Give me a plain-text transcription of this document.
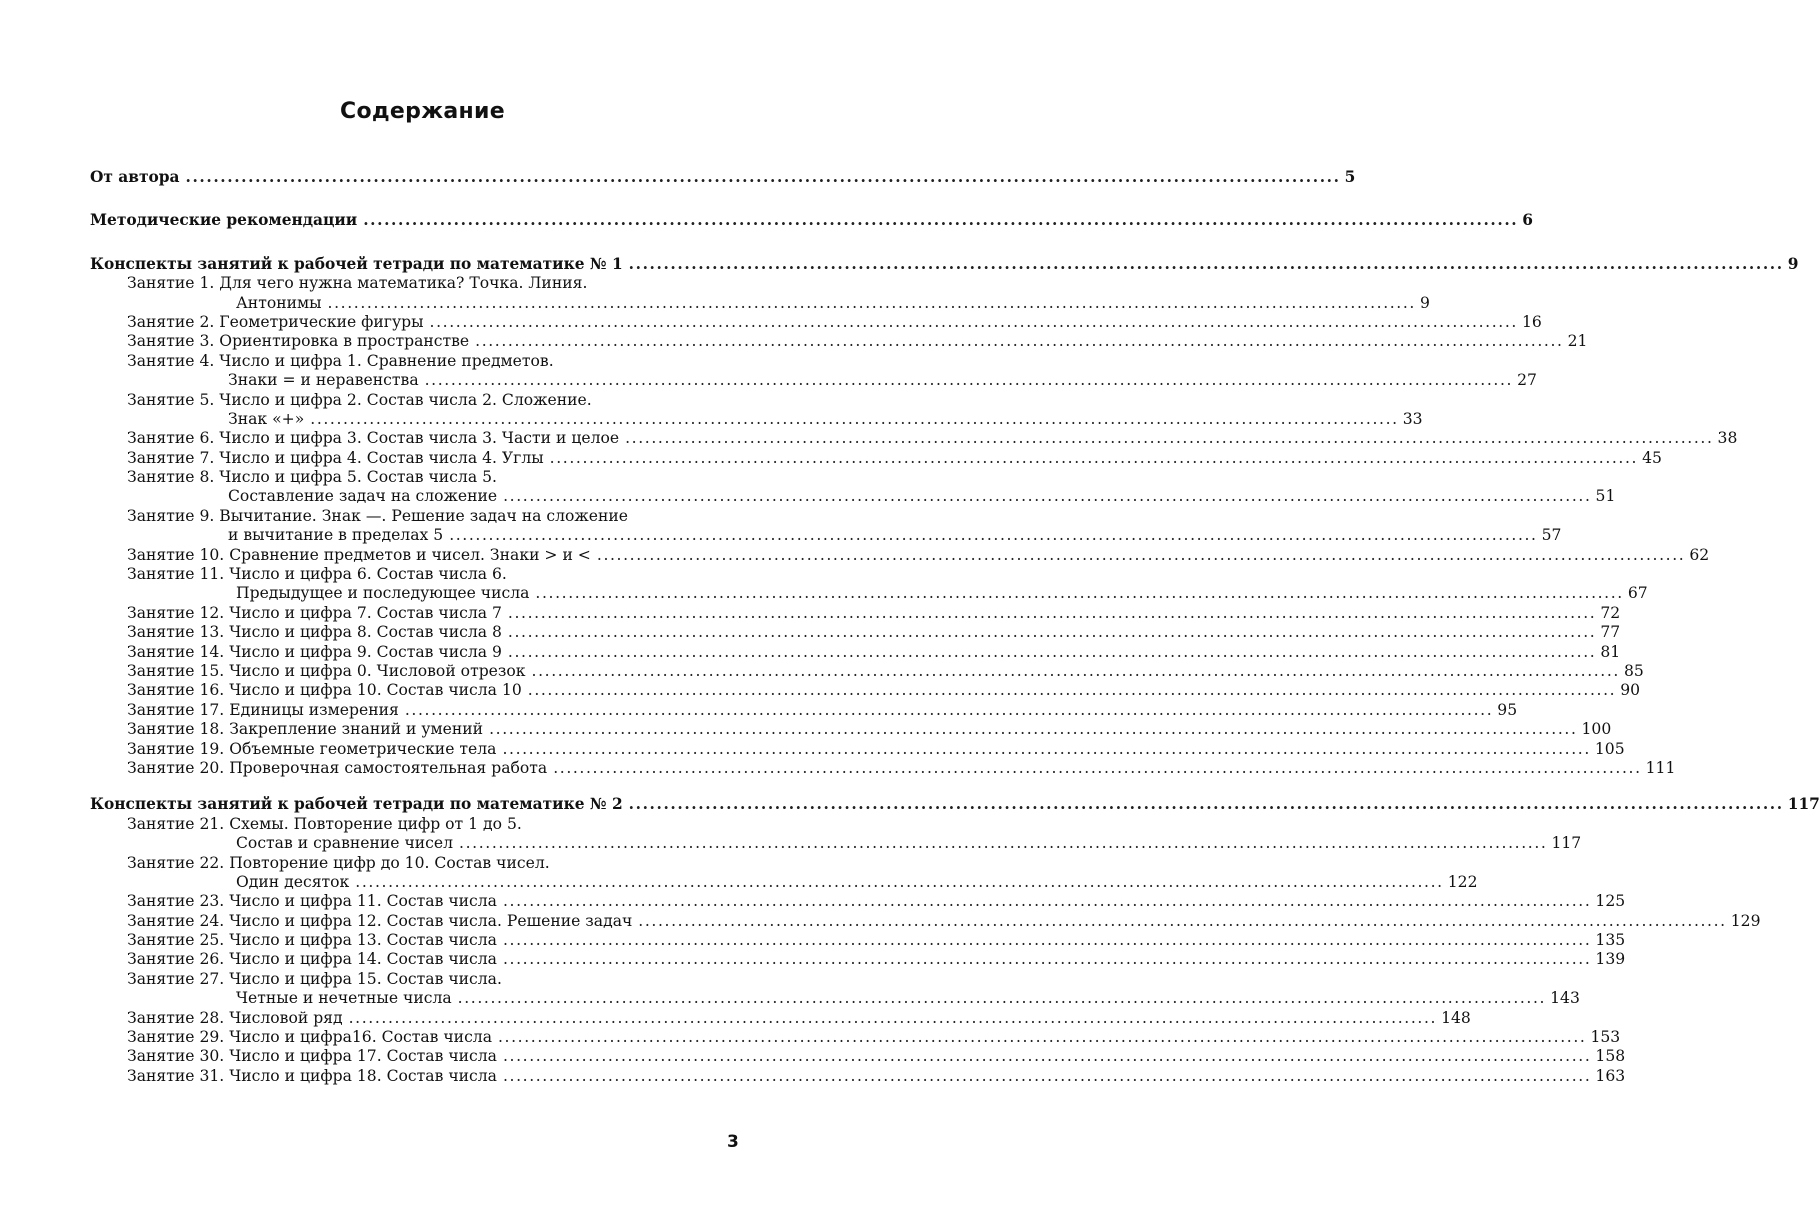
Содержание
От автора ...................................................................................................................................................................... 5
Методические рекомендации ...................................................................................................................................................................... 6
Конспекты занятий к рабочей тетради по математике № 1 ...................................................................................................................................................................... 9
Занятие 1. Для чего нужна математика? Точка. Линия.
Антонимы ...................................................................................................................................................................... 9
Занятие 2. Геометрические фигуры ...................................................................................................................................................................... 16
Занятие 3. Ориентировка в пространстве ...................................................................................................................................................................... 21
Занятие 4. Число и цифра 1. Сравнение предметов.
Знаки = и неравенства ...................................................................................................................................................................... 27
Занятие 5. Число и цифра 2. Состав числа 2. Сложение.
Знак «+» ...................................................................................................................................................................... 33
Занятие 6. Число и цифра 3. Состав числа 3. Части и целое ...................................................................................................................................................................... 38
Занятие 7. Число и цифра 4. Состав числа 4. Углы ...................................................................................................................................................................... 45
Занятие 8. Число и цифра 5. Состав числа 5.
Составление задач на сложение ...................................................................................................................................................................... 51
Занятие 9. Вычитание. Знак —. Решение задач на сложение
и вычитание в пределах 5 ...................................................................................................................................................................... 57
Занятие 10. Сравнение предметов и чисел. Знаки > и < ...................................................................................................................................................................... 62
Занятие 11. Число и цифра 6. Состав числа 6.
Предыдущее и последующее числа ...................................................................................................................................................................... 67
Занятие 12. Число и цифра 7. Состав числа 7 ...................................................................................................................................................................... 72
Занятие 13. Число и цифра 8. Состав числа 8 ...................................................................................................................................................................... 77
Занятие 14. Число и цифра 9. Состав числа 9 ...................................................................................................................................................................... 81
Занятие 15. Число и цифра 0. Числовой отрезок ...................................................................................................................................................................... 85
Занятие 16. Число и цифра 10. Состав числа 10 ...................................................................................................................................................................... 90
Занятие 17. Единицы измерения ...................................................................................................................................................................... 95
Занятие 18. Закрепление знаний и умений ...................................................................................................................................................................... 100
Занятие 19. Объемные геометрические тела ...................................................................................................................................................................... 105
Занятие 20. Проверочная самостоятельная работа ...................................................................................................................................................................... 111
Конспекты занятий к рабочей тетради по математике № 2 ...................................................................................................................................................................... 117
Занятие 21. Схемы. Повторение цифр от 1 до 5.
Состав и сравнение чисел ...................................................................................................................................................................... 117
Занятие 22. Повторение цифр до 10. Состав чисел.
Один десяток ...................................................................................................................................................................... 122
Занятие 23. Число и цифра 11. Состав числа ...................................................................................................................................................................... 125
Занятие 24. Число и цифра 12. Состав числа. Решение задач ...................................................................................................................................................................... 129
Занятие 25. Число и цифра 13. Состав числа ...................................................................................................................................................................... 135
Занятие 26. Число и цифра 14. Состав числа ...................................................................................................................................................................... 139
Занятие 27. Число и цифра 15. Состав числа.
Четные и нечетные числа ...................................................................................................................................................................... 143
Занятие 28. Числовой ряд ...................................................................................................................................................................... 148
Занятие 29. Число и цифра16. Состав числа ...................................................................................................................................................................... 153
Занятие 30. Число и цифра 17. Состав числа ...................................................................................................................................................................... 158
Занятие 31. Число и цифра 18. Состав числа ...................................................................................................................................................................... 163
3
